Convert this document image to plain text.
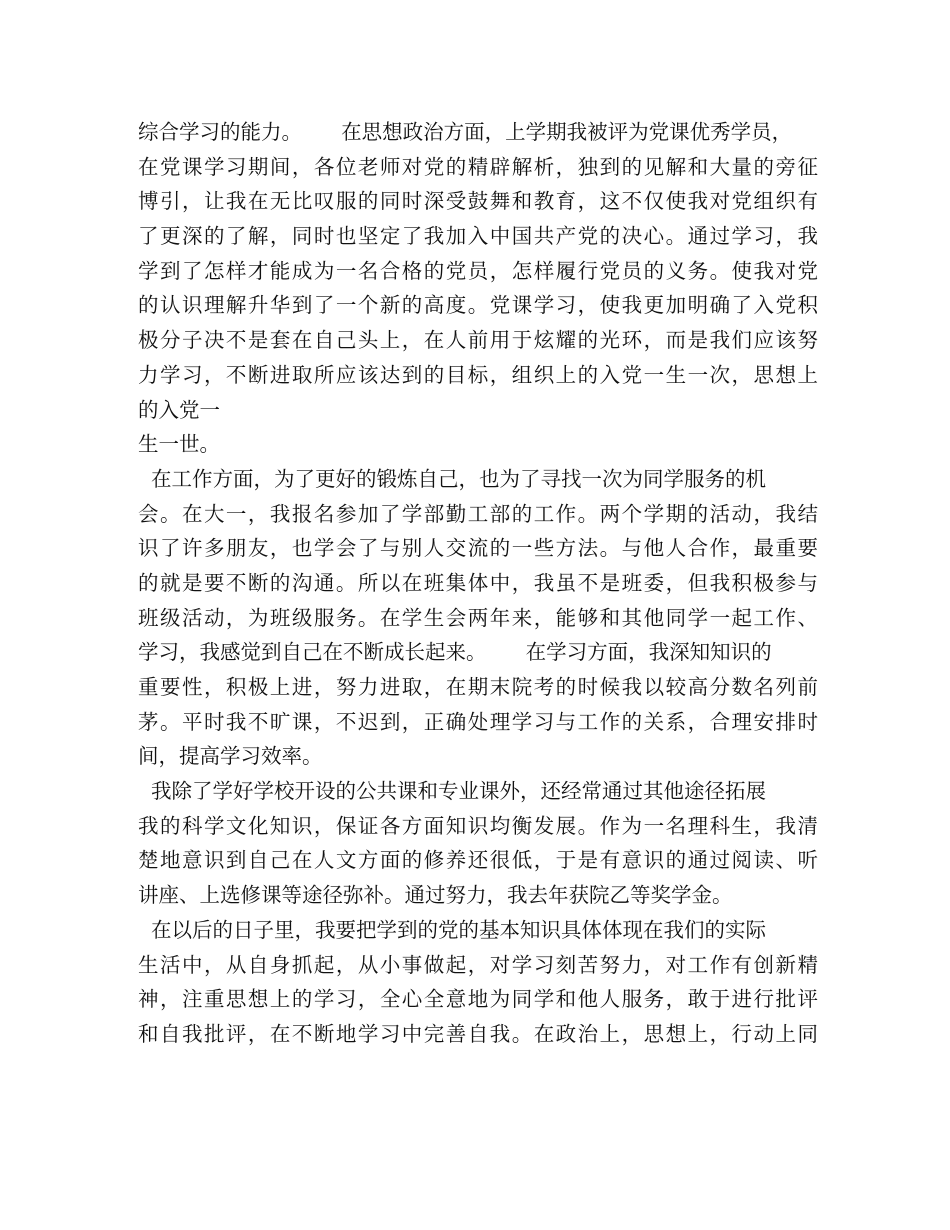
综合学习的能力。      在思想政治方面，上学期我被评为党课优秀学员，
在党课学习期间，各位老师对党的精辟解析，独到的见解和大量的旁征
博引，让我在无比叹服的同时深受鼓舞和教育，这不仅使我对党组织有
了更深的了解，同时也坚定了我加入中国共产党的决心。通过学习，我
学到了怎样才能成为一名合格的党员，怎样履行党员的义务。使我对党
的认识理解升华到了一个新的高度。党课学习，使我更加明确了入党积
极分子决不是套在自己头上，在人前用于炫耀的光环，而是我们应该努
力学习，不断进取所应该达到的目标，组织上的入党一生一次，思想上
的入党一
生一世。
在工作方面，为了更好的锻炼自己，也为了寻找一次为同学服务的机
会。在大一，我报名参加了学部勤工部的工作。两个学期的活动，我结
识了许多朋友，也学会了与别人交流的一些方法。与他人合作，最重要
的就是要不断的沟通。所以在班集体中，我虽不是班委，但我积极参与
班级活动，为班级服务。在学生会两年来，能够和其他同学一起工作、
学习，我感觉到自己在不断成长起来。      在学习方面，我深知知识的
重要性，积极上进，努力进取，在期末院考的时候我以较高分数名列前
茅。平时我不旷课，不迟到，正确处理学习与工作的关系，合理安排时
间，提高学习效率。
我除了学好学校开设的公共课和专业课外，还经常通过其他途径拓展
我的科学文化知识，保证各方面知识均衡发展。作为一名理科生，我清
楚地意识到自己在人文方面的修养还很低，于是有意识的通过阅读、听
讲座、上选修课等途径弥补。通过努力，我去年获院乙等奖学金。
在以后的日子里，我要把学到的党的基本知识具体体现在我们的实际
生活中，从自身抓起，从小事做起，对学习刻苦努力，对工作有创新精
神，注重思想上的学习，全心全意地为同学和他人服务，敢于进行批评
和自我批评，在不断地学习中完善自我。在政治上，思想上，行动上同
